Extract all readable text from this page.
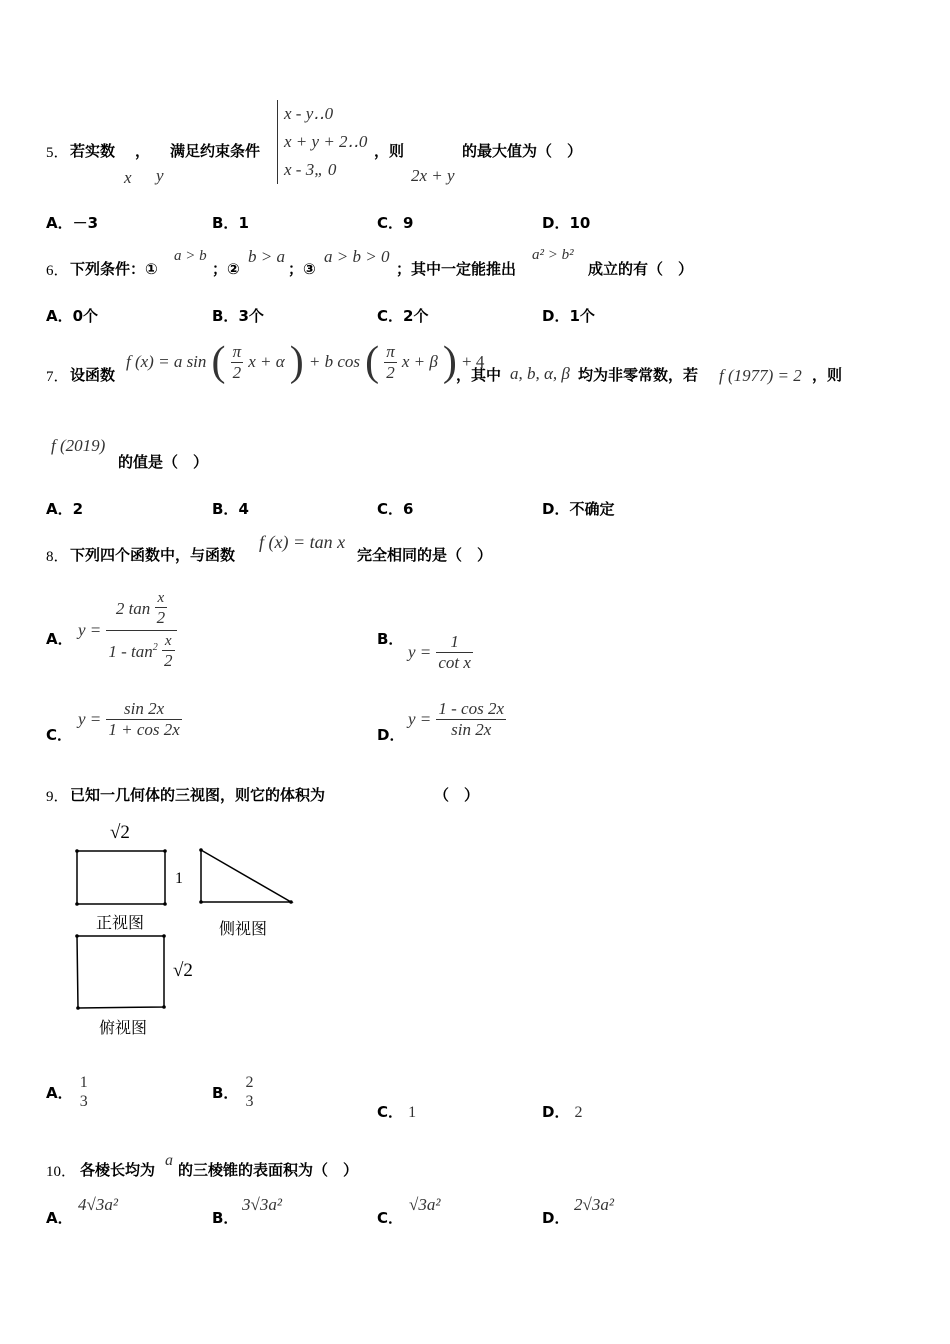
5． 若实数 ， 满足约束条件
x y
x - y‥0
x + y + 2‥0
x - 3„ 0
，则
2x + y
的最大值为（　）
A．－3	B．1	C．9	D．10
6． 下列条件：①
a > b
；②
b > a
；③
a > b > 0
；其中一定能推出
a² > b²
成立的有（　）
A．0个	B．3个	C．2个	D．1个
7． 设函数
f (x) = a sin ( $\frac{\pi}{2}$ x + α ) + b cos ( $\frac{\pi}{2}$ x + β ) + 4
，其中 a, b, α, β 均为非零常数，若 f (1977) = 2 ，则
f (2019)
的值是（　）
A．2	B．4	C．6	D．不确定
8． 下列四个函数中，与函数
f (x) = tan x
完全相同的是（　）
A． $y = \frac{2 \tan \frac{x}{2}}{1 - \tan^2 \frac{x}{2}}$	B．
$y = \frac{1}{\text{cot x}}$
C．
$y = \frac{\sin 2x}{1 + \cos 2x}$	D．
$y = \frac{1 - \cos 2x}{\sin 2x}$
9． 已知一几何体的三视图，则它的体积为	（　）
√2
1
√2
正视图	侧视图
俯视图
A． $\frac{1}{3}$	B． $\frac{2}{3}$
C． 1	D． 2
10． 各棱长均为
a
的三棱锥的表面积为（　）
A．
4√3a²
B．
3√3a²
C．
√3a²
D．
2√3a²
